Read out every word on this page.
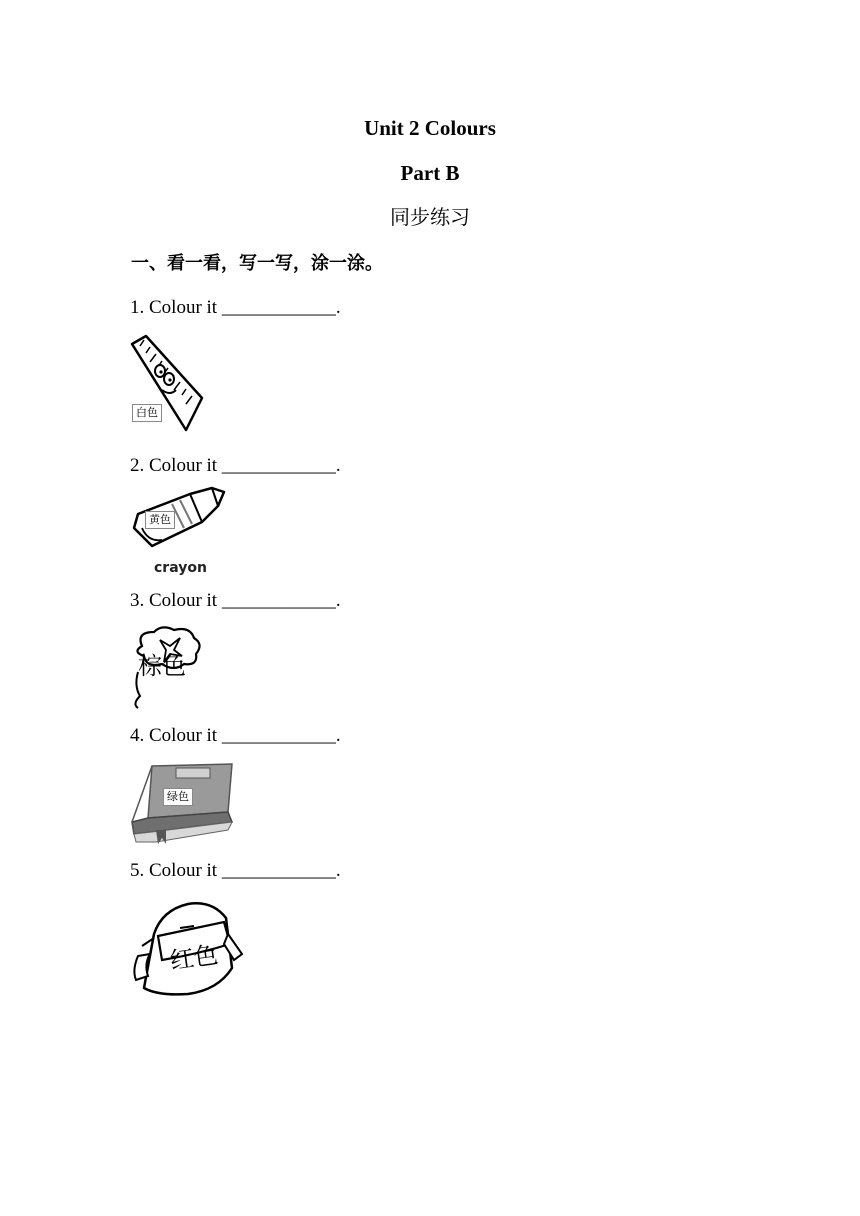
Unit 2 Colours
Part B
同步练习
一、看一看，写一写，涂一涂。
1. Colour it ____________.
白色
2. Colour it ____________.
黄色
crayon
3. Colour it ____________.
棕色
4. Colour it ____________.
绿色
5. Colour it ____________.
红色
